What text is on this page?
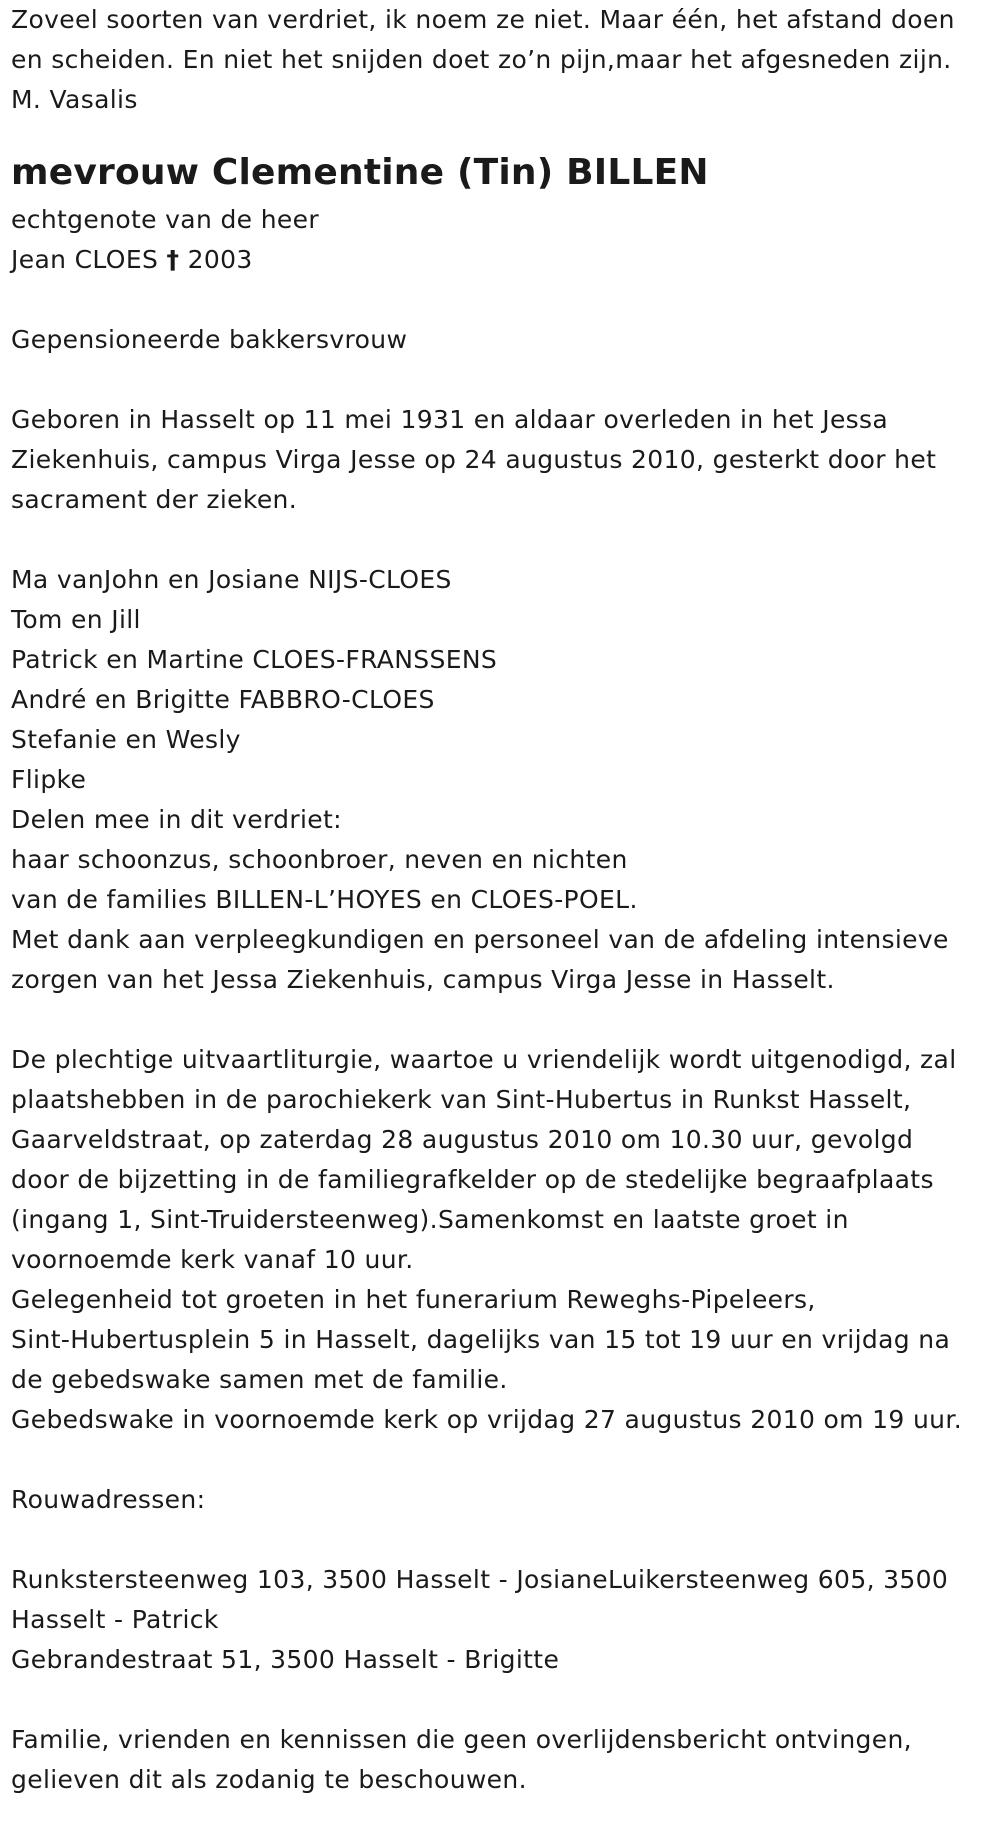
Zoveel soorten van verdriet, ik noem ze niet. Maar één, het afstand doen
en scheiden. En niet het snijden doet zo’n pijn,maar het afgesneden zijn.
M. Vasalis
mevrouw Clementine (Tin) BILLEN
echtgenote van de heer
Jean CLOES † 2003
Gepensioneerde bakkersvrouw
Geboren in Hasselt op 11 mei 1931 en aldaar overleden in het Jessa
Ziekenhuis, campus Virga Jesse op 24 augustus 2010, gesterkt door het
sacrament der zieken.
Ma vanJohn en Josiane NIJS-CLOES
Tom en Jill
Patrick en Martine CLOES-FRANSSENS
André en Brigitte FABBRO-CLOES
Stefanie en Wesly
Flipke
Delen mee in dit verdriet:
haar schoonzus, schoonbroer, neven en nichten
van de families BILLEN-L’HOYES en CLOES-POEL.
Met dank aan verpleegkundigen en personeel van de afdeling intensieve
zorgen van het Jessa Ziekenhuis, campus Virga Jesse in Hasselt.
De plechtige uitvaartliturgie, waartoe u vriendelijk wordt uitgenodigd, zal
plaatshebben in de parochiekerk van Sint-Hubertus in Runkst Hasselt,
Gaarveldstraat, op zaterdag 28 augustus 2010 om 10.30 uur, gevolgd
door de bijzetting in de familiegrafkelder op de stedelijke begraafplaats
(ingang 1, Sint-Truidersteenweg).Samenkomst en laatste groet in
voornoemde kerk vanaf 10 uur.
Gelegenheid tot groeten in het funerarium Reweghs-Pipeleers,
Sint-Hubertusplein 5 in Hasselt, dagelijks van 15 tot 19 uur en vrijdag na
de gebedswake samen met de familie.
Gebedswake in voornoemde kerk op vrijdag 27 augustus 2010 om 19 uur.
Rouwadressen:
Runkstersteenweg 103, 3500 Hasselt - JosianeLuikersteenweg 605, 3500
Hasselt - Patrick
Gebrandestraat 51, 3500 Hasselt - Brigitte
Familie, vrienden en kennissen die geen overlijdensbericht ontvingen,
gelieven dit als zodanig te beschouwen.
